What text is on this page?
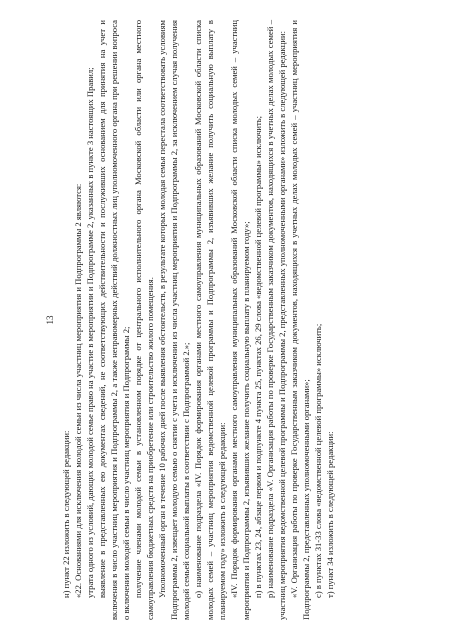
13

н) пункт 22 изложить в следующей редакции: «22. Основаниями для исключения молодой семьи из числа участниц мероприятия и Подпрограммы 2 являются: утрата одного из условий, дающих молодой семье право на участие в мероприятии и Подпрограмме 2, указанных в пункте 3 настоящих Правил; выявление в представленных ею документах сведений, не соответствующих действительности и послуживших основанием для принятия на учет и включения в число участниц мероприятия и Подпрограммы 2, а также неправомерных действий должностных лиц уполномоченного органа при решении вопроса о включении молодой семьи в число участниц мероприятия и Подпрограммы 2; получение членами молодой семьи в установленном порядке от центрального исполнительного органа Московской области или органа местного самоуправления бюджетных средств на приобретение или строительство жилого помещения. Уполномоченный орган в течение 10 рабочих дней после выявления обстоятельств, в результате которых молодая семья перестала соответствовать условиям Подпрограммы 2, извещает молодую семью о снятии с учета и исключении из числа участниц мероприятия и Подпрограммы 2, за исключением случая получения молодой семьей социальной выплаты в соответствии с Подпрограммой 2.»; о) наименование подраздела «IV. Порядок формирования органами местного самоуправления муниципальных образований Московской области списка молодых семей – участниц мероприятия ведомственной целевой программы и Подпрограммы 2, изъявивших желание получить социальную выплату в планируемом году» изложить в следующей редакции: «IV. Порядок формирования органами местного самоуправления муниципальных образований Московской области списка молодых семей – участниц мероприятия и Подпрограммы 2, изъявивших желание получить социальную выплату в планируемом году»; п) в пунктах 23, 24, абзаце первом и подпункте 4 пункта 25, пунктах 26, 29 слова «ведомственной целевой программы» исключить; р) наименование подраздела «V. Организация работы по проверке Государственным заказчиком документов, находящихся в учетных делах молодых семей – участниц мероприятия ведомственной целевой программы и Подпрограммы 2, представленных уполномоченными органами» изложить в следующей редакции: «V. Организация работы по проверке Государственным заказчиком документов, находящихся в учетных делах молодых семей – участниц мероприятия и Подпрограммы 2, представленных уполномоченными органами»; с) в пунктах 31-33 слова «ведомственной целевой программы» исключить; т) пункт 34 изложить в следующей редакции:
